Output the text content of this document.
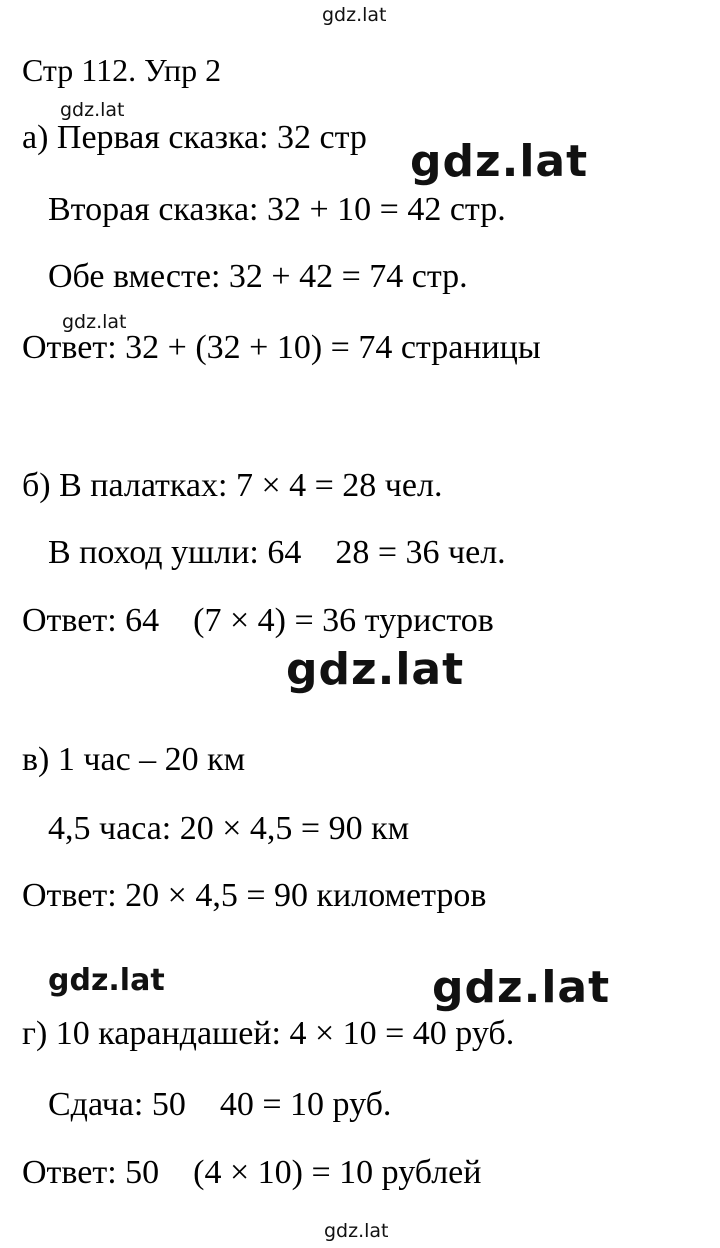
gdz.lat
gdz.lat
gdz.lat
gdz.lat
gdz.lat
gdz.lat	gdz.lat
gdz.lat
Стр 112. Упр 2
а) Первая сказка: 32 стр
Вторая сказка: 32 + 10 = 42 стр.
Обе вместе: 32 + 42 = 74 стр.
Ответ: 32 + (32 + 10) = 74 страницы
б) В палатках: 7 × 4 = 28 чел.
В поход ушли: 64    28 = 36 чел.
Ответ: 64    (7 × 4) = 36 туристов
в) 1 час – 20 км
4,5 часа: 20 × 4,5 = 90 км
Ответ: 20 × 4,5 = 90 километров
г) 10 карандашей: 4 × 10 = 40 руб.
Сдача: 50    40 = 10 руб.
Ответ: 50    (4 × 10) = 10 рублей
